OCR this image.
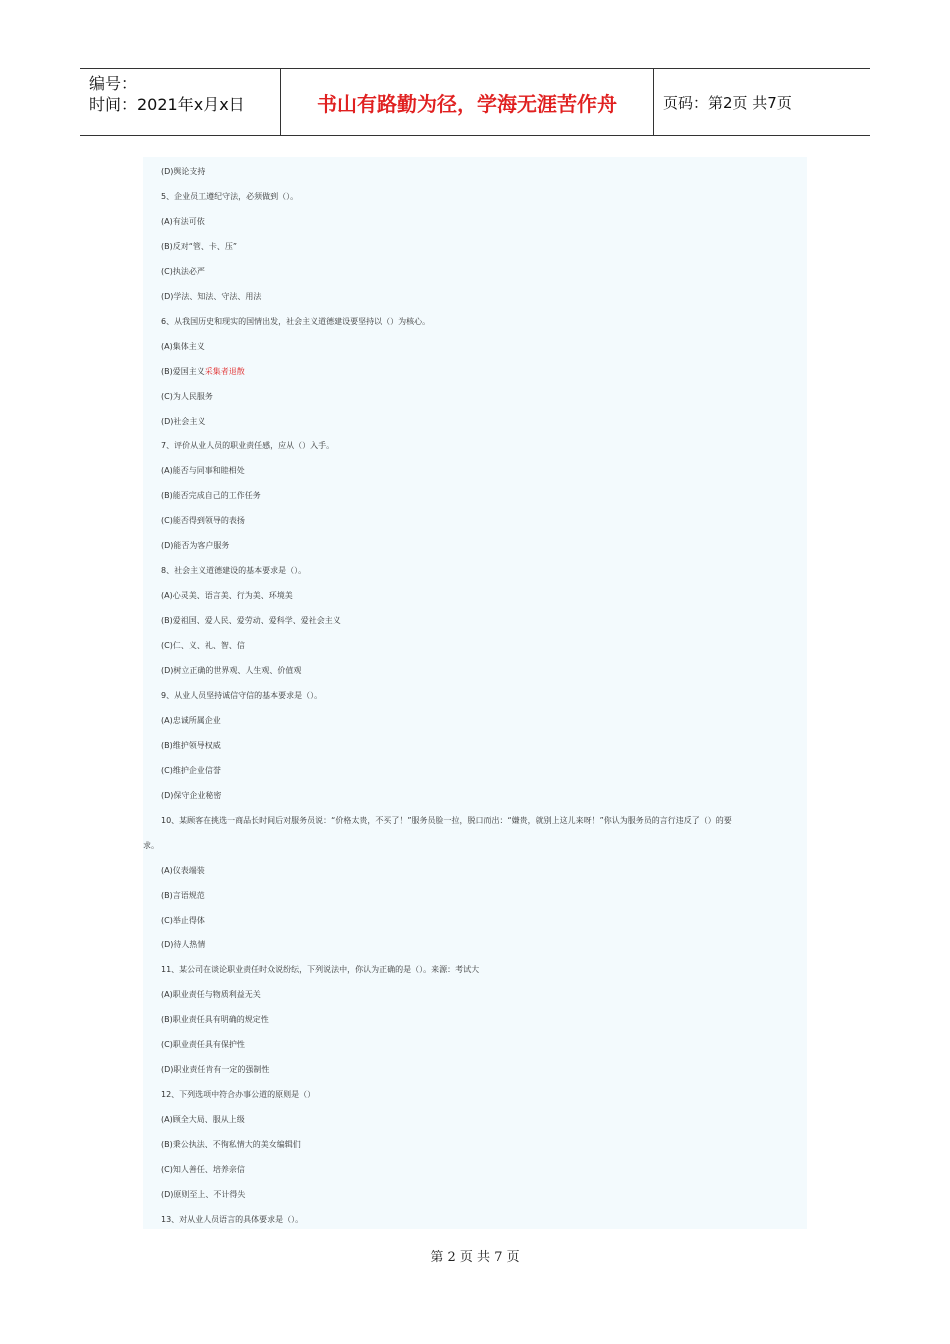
编号：
时间：2021年x月x日	书山有路勤为径，学海无涯苦作舟	页码：第2页 共7页
(D)舆论支持
5、企业员工遵纪守法，必须做到（）。
(A)有法可依
(B)反对“管、卡、压”
(C)执法必严
(D)学法、知法、守法、用法
6、从我国历史和现实的国情出发，社会主义道德建设要坚持以（）为核心。
(A)集体主义
(B)爱国主义采集者退散
(C)为人民服务
(D)社会主义
7、评价从业人员的职业责任感，应从（）入手。
(A)能否与同事和睦相处
(B)能否完成自己的工作任务
(C)能否得到领导的表扬
(D)能否为客户服务
8、社会主义道德建设的基本要求是（）。
(A)心灵美、语言美、行为美、环境美
(B)爱祖国、爱人民、爱劳动、爱科学、爱社会主义
(C)仁、义、礼、智、信
(D)树立正确的世界观、人生观、价值观
9、从业人员坚持诚信守信的基本要求是（）。
(A)忠诚所属企业
(B)维护领导权威
(C)维护企业信誉
(D)保守企业秘密
10、某顾客在挑选一商品长时间后对服务员说：“价格太贵，不买了！”服务员脸一拉，脱口而出：“嫌贵，就别上这儿来呀！”你认为服务员的言行违反了（）的要
求。
(A)仪表端装
(B)言语规范
(C)举止得体
(D)待人热情
11、某公司在谈论职业责任时众说纷纭，下列说法中，你认为正确的是（）。来源：考试大
(A)职业责任与物质利益无关
(B)职业责任具有明确的规定性
(C)职业责任具有保护性
(D)职业责任肯有一定的强制性
12、下列选项中符合办事公道的原则是（）
(A)顾全大局、服从上级
(B)秉公执法、不徇私情大的美女编辑们
(C)知人善任、培养亲信
(D)原则至上、不计得失
13、对从业人员语言的具体要求是（）。
第 2 页 共 7 页
